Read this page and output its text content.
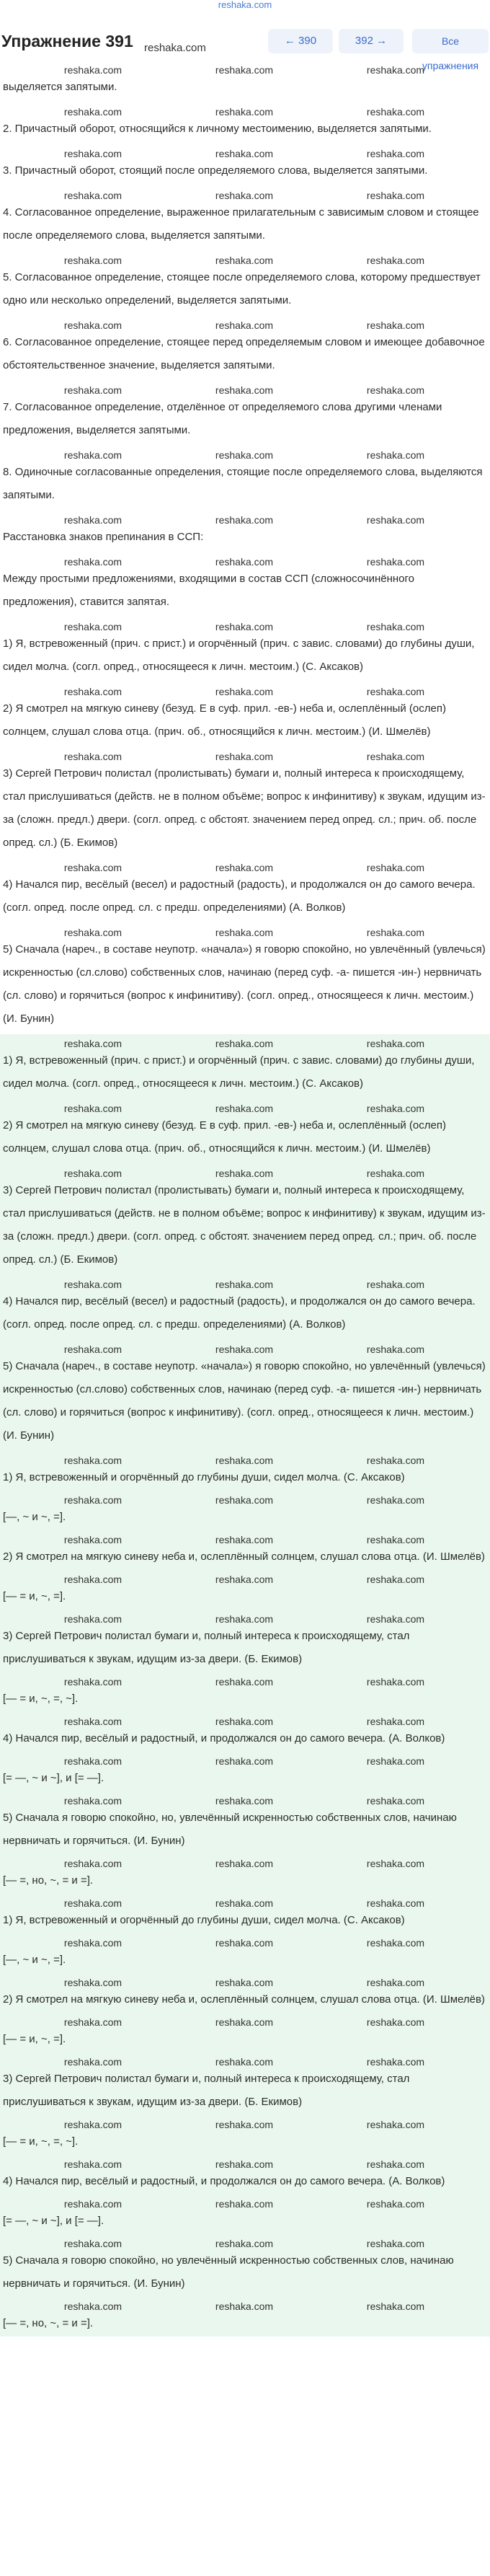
reshaka.com
Упражнение 391 reshaka.com
← 390	392 →	Все упражнения
reshaka.com	reshaka.com	reshaka.com
выделяется запятыми.
reshaka.com	reshaka.com	reshaka.com
2. Причастный оборот, относящийся к личному местоимению, выделяется запятыми.
reshaka.com	reshaka.com	reshaka.com
3. Причастный оборот, стоящий после определяемого слова, выделяется запятыми.
reshaka.com	reshaka.com	reshaka.com
4. Согласованное определение, выраженное прилагательным с зависимым словом и стоящее после определяемого слова, выделяется запятыми.
reshaka.com	reshaka.com	reshaka.com
5. Согласованное определение, стоящее после определяемого слова, которому предшествует одно или несколько определений, выделяется запятыми.
reshaka.com	reshaka.com	reshaka.com
6. Согласованное определение, стоящее перед определяемым словом и имеющее добавочное обстоятельственное значение, выделяется запятыми.
reshaka.com	reshaka.com	reshaka.com
7. Согласованное определение, отделённое от определяемого слова другими членами предложения, выделяется запятыми.
reshaka.com	reshaka.com	reshaka.com
8. Одиночные согласованные определения, стоящие после определяемого слова, выделяются запятыми.
reshaka.com	reshaka.com	reshaka.com
Расстановка знаков препинания в ССП:
reshaka.com	reshaka.com	reshaka.com
Между простыми предложениями, входящими в состав ССП (сложносочинённого предложения), ставится запятая.
reshaka.com	reshaka.com	reshaka.com
1) Я, встревоженный (прич. с прист.) и огорчённый (прич. с завис. словами) до глубины души, сидел молча. (согл. опред., относящееся к личн. местоим.) (С. Аксаков)
reshaka.com	reshaka.com	reshaka.com
2) Я смотрел на мягкую синеву (безуд. Е в суф. прил. -ев-) неба и, ослеплённый (ослеп) солнцем, слушал слова отца. (прич. об., относящийся к личн. местоим.) (И. Шмелёв)
reshaka.com	reshaka.com	reshaka.com
3) Сергей Петрович полистал (пролистывать) бумаги и, полный интереса к происходящему, стал прислушиваться (действ. не в полном объёме; вопрос к инфинитиву) к звукам, идущим из-за (сложн. предл.) двери. (согл. опред. с обстоят. значением перед опред. сл.; прич. об. после опред. сл.) (Б. Екимов)
reshaka.com	reshaka.com	reshaka.com
4) Начался пир, весёлый (весел) и радостный (радость), и продолжался он до самого вечера. (согл. опред. после опред. сл. с предш. определениями) (А. Волков)
reshaka.com	reshaka.com	reshaka.com
5) Сначала (нареч., в составе неупотр. «начала») я говорю спокойно, но увлечённый (увлечься) искренностью (сл.слово) собственных слов, начинаю (перед суф. -а- пишется -ин-) нервничать (сл. слово) и горячиться (вопрос к инфинитиву). (согл. опред., относящееся к личн. местоим.) (И. Бунин)
reshaka.com	reshaka.com	reshaka.com
1) Я, встревоженный (прич. с прист.) и огорчённый (прич. с завис. словами) до глубины души, сидел молча. (согл. опред., относящееся к личн. местоим.) (С. Аксаков)
reshaka.com	reshaka.com	reshaka.com
2) Я смотрел на мягкую синеву (безуд. Е в суф. прил. -ев-) неба и, ослеплённый (ослеп) солнцем, слушал слова отца. (прич. об., относящийся к личн. местоим.) (И. Шмелёв)
reshaka.com	reshaka.com	reshaka.com
3) Сергей Петрович полистал (пролистывать) бумаги и, полный интереса к происходящему, стал прислушиваться (действ. не в полном объёме; вопрос к инфинитиву) к звукам, идущим из-за (сложн. предл.) двери. (согл. опред. с обстоят. значением перед опред. сл.; прич. об. после опред. сл.) (Б. Екимов)
reshaka.com	reshaka.com	reshaka.com
4) Начался пир, весёлый (весел) и радостный (радость), и продолжался он до самого вечера. (согл. опред. после опред. сл. с предш. определениями) (А. Волков)
reshaka.com	reshaka.com	reshaka.com
5) Сначала (нареч., в составе неупотр. «начала») я говорю спокойно, но увлечённый (увлечься) искренностью (сл.слово) собственных слов, начинаю (перед суф. -а- пишется -ин-) нервничать (сл. слово) и горячиться (вопрос к инфинитиву). (согл. опред., относящееся к личн. местоим.) (И. Бунин)
reshaka.com	reshaka.com	reshaka.com
1) Я, встревоженный и огорчённый до глубины души, сидел молча. (С. Аксаков)
reshaka.com	reshaka.com	reshaka.com
[—, ~ и ~, =].
reshaka.com	reshaka.com	reshaka.com
2) Я смотрел на мягкую синеву неба и, ослеплённый солнцем, слушал слова отца. (И. Шмелёв)
reshaka.com	reshaka.com	reshaka.com
[— = и, ~, =].
reshaka.com	reshaka.com	reshaka.com
3) Сергей Петрович полистал бумаги и, полный интереса к происходящему, стал прислушиваться к звукам, идущим из-за двери. (Б. Екимов)
reshaka.com	reshaka.com	reshaka.com
[— = и, ~, =, ~].
reshaka.com	reshaka.com	reshaka.com
4) Начался пир, весёлый и радостный, и продолжался он до самого вечера. (А. Волков)
reshaka.com	reshaka.com	reshaka.com
[= —, ~ и ~], и [= —].
reshaka.com	reshaka.com	reshaka.com
5) Сначала я говорю спокойно, но, увлечённый искренностью собственных слов, начинаю нервничать и горячиться. (И. Бунин)
reshaka.com	reshaka.com	reshaka.com
[— =, но, ~, = и =].
reshaka.com	reshaka.com	reshaka.com
1) Я, встревоженный и огорчённый до глубины души, сидел молча. (С. Аксаков)
reshaka.com	reshaka.com	reshaka.com
[—, ~ и ~, =].
reshaka.com	reshaka.com	reshaka.com
2) Я смотрел на мягкую синеву неба и, ослеплённый солнцем, слушал слова отца. (И. Шмелёв)
reshaka.com	reshaka.com	reshaka.com
[— = и, ~, =].
reshaka.com	reshaka.com	reshaka.com
3) Сергей Петрович полистал бумаги и, полный интереса к происходящему, стал прислушиваться к звукам, идущим из-за двери. (Б. Екимов)
reshaka.com	reshaka.com	reshaka.com
[— = и, ~, =, ~].
reshaka.com	reshaka.com	reshaka.com
4) Начался пир, весёлый и радостный, и продолжался он до самого вечера. (А. Волков)
reshaka.com	reshaka.com	reshaka.com
[= —, ~ и ~], и [= —].
reshaka.com	reshaka.com	reshaka.com
5) Сначала я говорю спокойно, но увлечённый искренностью собственных слов, начинаю нервничать и горячиться. (И. Бунин)
reshaka.com	reshaka.com	reshaka.com
[— =, но, ~, = и =].
